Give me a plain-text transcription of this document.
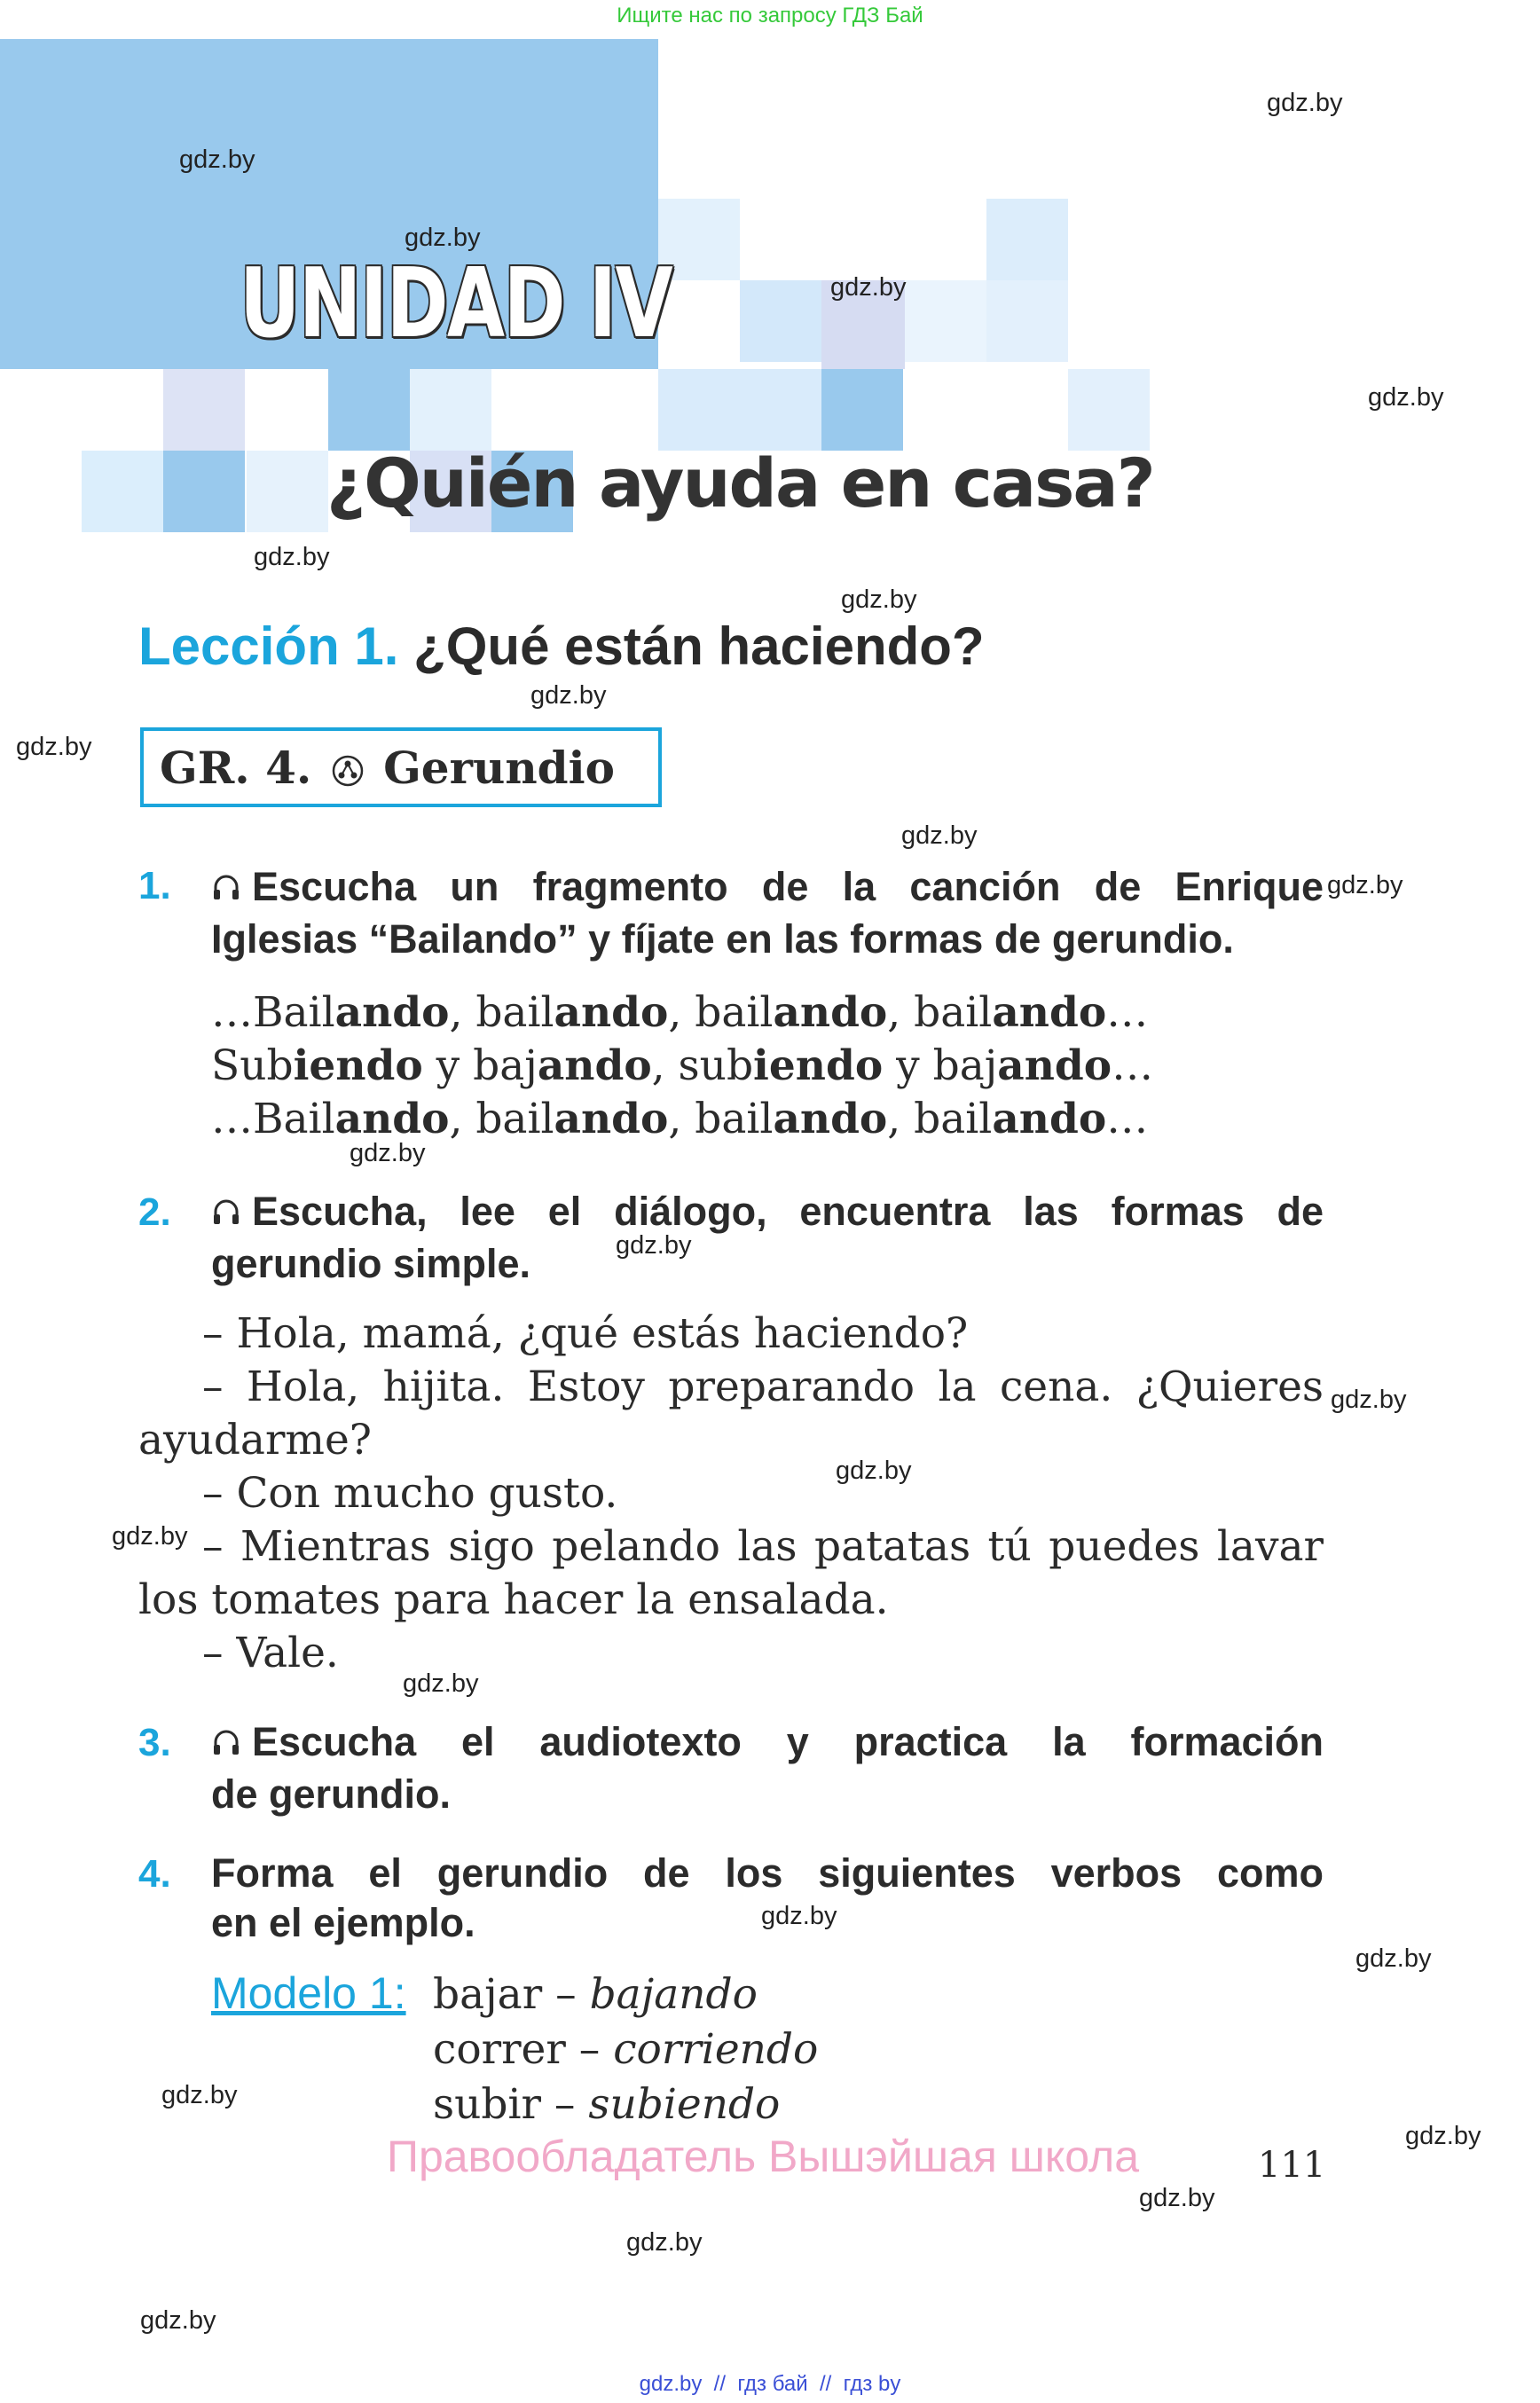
Ищите нас по запросу ГДЗ Бай
UNIDAD IV
¿Quién ayuda en casa?
Lección 1. ¿Qué están haciendo?
GR. 4. Gerundio
1.	Escucha un fragmento de la canción de Enrique
Iglesias “Bailando” y fíjate en las formas de gerundio.
…Bailando, bailando, bailando, bailando…
Subiendo y bajando, subiendo y bajando…
…Bailando, bailando, bailando, bailando…
2.	Escucha, lee el diálogo, encuentra las formas de
gerundio simple.
– Hola, mamá, ¿qué estás haciendo?
– Hola, hijita. Estoy preparando la cena. ¿Quieres
ayudarme?
– Con mucho gusto.
– Mientras sigo pelando las patatas tú puedes lavar
los tomates para hacer la ensalada.
– Vale.
3.	Escucha el audiotexto y practica la formación
de gerundio.
4. Forma el gerundio de los siguientes verbos como
en el ejemplo.
Modelo 1: bajar – bajando
correr – corriendo
subir – subiendo
Правообладатель Вышэйшая школа	111
gdz.by
gdz.by
gdz.by
gdz.by
gdz.by
gdz.by
gdz.by
gdz.by
gdz.by
gdz.by
gdz.by
gdz.by
gdz.by
gdz.by
gdz.by
gdz.by
gdz.by
gdz.by
gdz.by
gdz.by
gdz.by
gdz.by
gdz.by
gdz.by
gdz.by  //  гдз бай  //  гдз by
